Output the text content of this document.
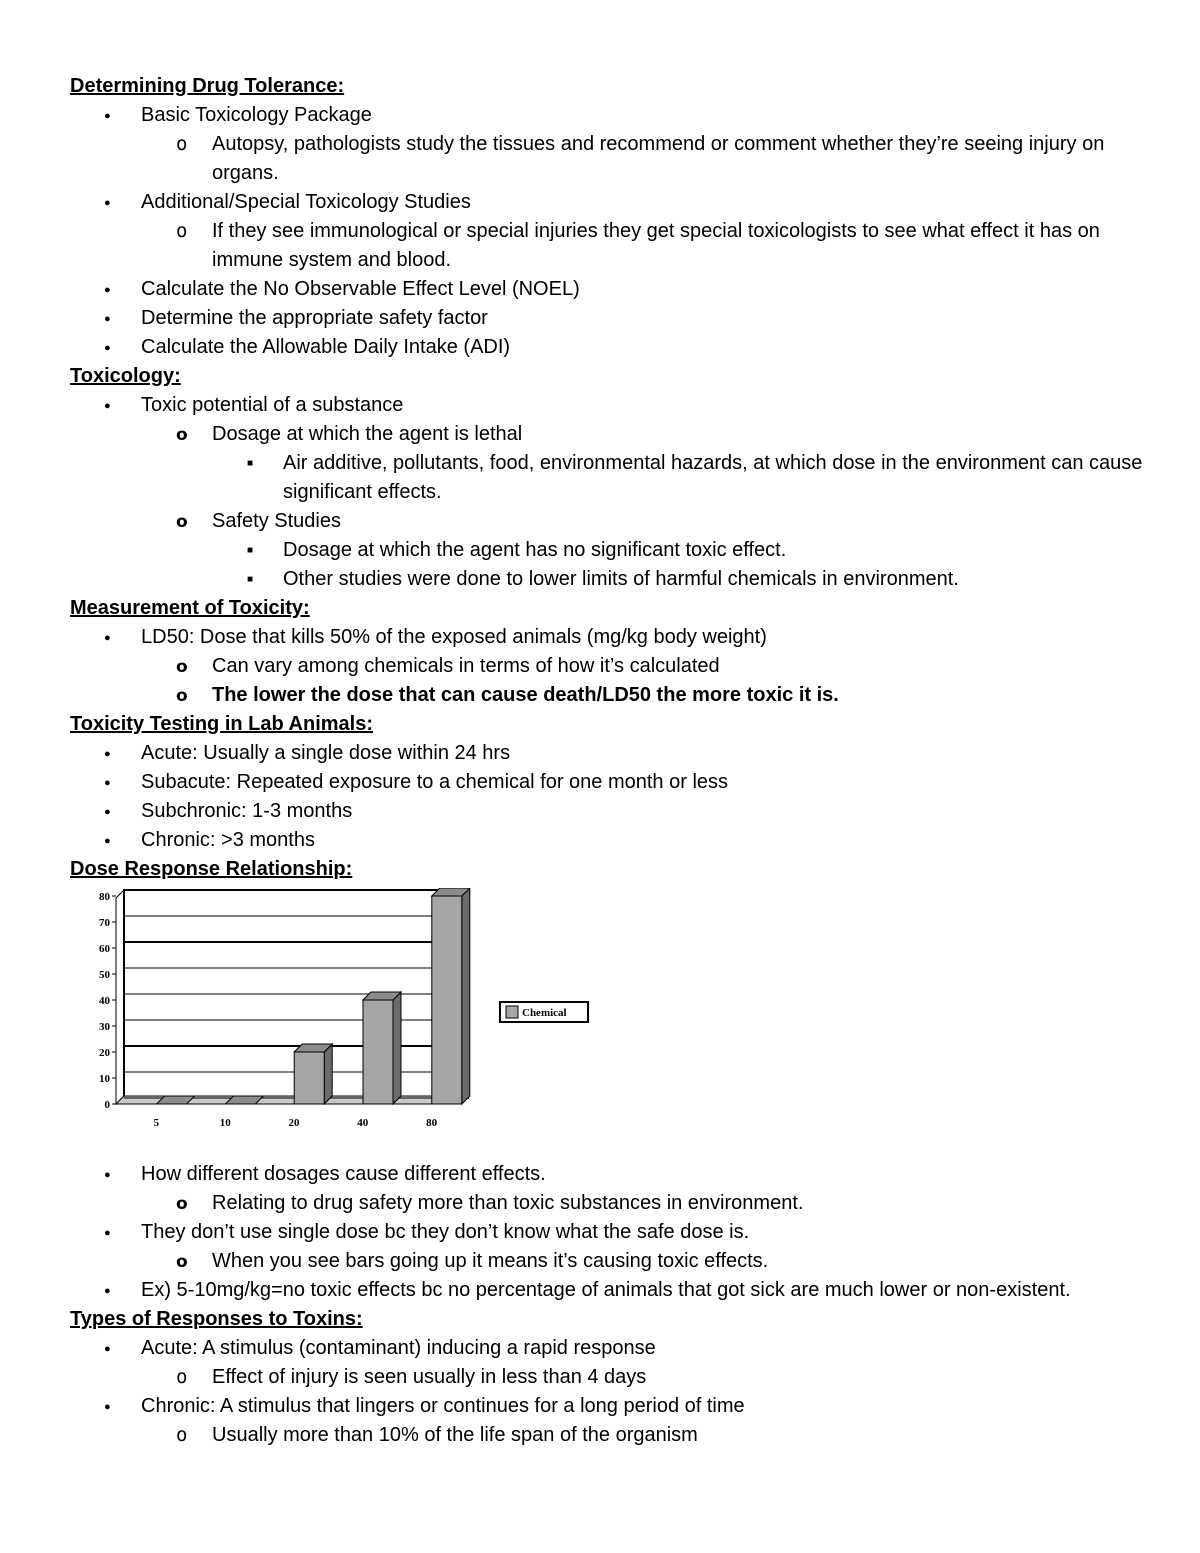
Determining Drug Tolerance:
●
Basic Toxicology Package
o
Autopsy, pathologists study the tissues and recommend or comment whether they’re seeing injury on organs.
●
Additional/Special Toxicology Studies
o
If they see immunological or special injuries they get special toxicologists to see what effect it has on immune system and blood.
●
Calculate the No Observable Effect Level (NOEL)
●
Determine the appropriate safety factor
●
Calculate the Allowable Daily Intake (ADI)
Toxicology:
●
Toxic potential of a substance
o
Dosage at which the agent is lethal
■
Air additive, pollutants, food, environmental hazards, at which dose in the environment can cause significant effects.
o
Safety Studies
■
Dosage at which the agent has no significant toxic effect.
■
Other studies were done to lower limits of harmful chemicals in environment.
Measurement of Toxicity:
●
LD50: Dose that kills 50% of the exposed animals (mg/kg body weight)
o
Can vary among chemicals in terms of how it’s calculated
o
The lower the dose that can cause death/LD50 the more toxic it is.
Toxicity Testing in Lab Animals:
●
Acute: Usually a single dose within 24 hrs
●
Subacute: Repeated exposure to a chemical for one month or less
●
Subchronic: 1-3 months
●
Chronic: >3 months
Dose Response Relationship:
0
10
20
30
40
50
60
70
80
5	10	20	40	80
Chemical
●
How different dosages cause different effects.
o
Relating to drug safety more than toxic substances in environment.
●
They don’t use single dose bc they don’t know what the safe dose is.
o
When you see bars going up it means it’s causing toxic effects.
●
Ex) 5-10mg/kg=no toxic effects bc no percentage of animals that got sick are much lower or non-existent.
Types of Responses to Toxins:
●
Acute: A stimulus (contaminant) inducing a rapid response
o
Effect of injury is seen usually in less than 4 days
●
Chronic: A stimulus that lingers or continues for a long period of time
o
Usually more than 10% of the life span of the organism
